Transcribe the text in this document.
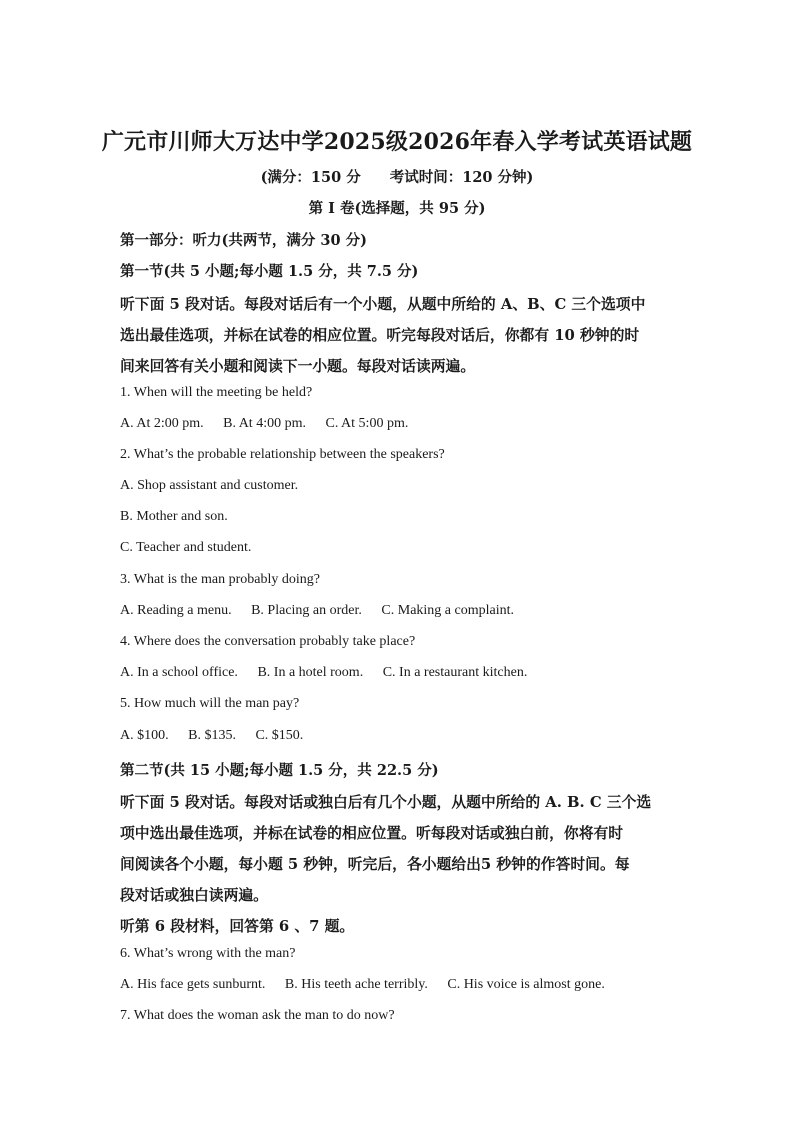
广元市川师大万达中学2025级2026年春入学考试英语试题
(满分：150 分　　考试时间：120 分钟)
第 I 卷(选择题，共 95 分)
第一部分：听力(共两节，满分 30 分)
第一节(共 5 小题;每小题 1.5 分，共 7.5 分)
听下面 5 段对话。每段对话后有一个小题，从题中所给的 A、B、C 三个选项中
选出最佳选项，并标在试卷的相应位置。听完每段对话后，你都有 10 秒钟的时
间来回答有关小题和阅读下一小题。每段对话读两遍。
1. When will the meeting be held?
A. At 2:00 pm. B. At 4:00 pm. C. At 5:00 pm.
2. What’s the probable relationship between the speakers?
A. Shop assistant and customer.
B. Mother and son.
C. Teacher and student.
3. What is the man probably doing?
A. Reading a menu. B. Placing an order. C. Making a complaint.
4. Where does the conversation probably take place?
A. In a school office. B. In a hotel room. C. In a restaurant kitchen.
5. How much will the man pay?
A. $100. B. $135. C. $150.
第二节(共 15 小题;每小题 1.5 分，共 22.5 分)
听下面 5 段对话。每段对话或独白后有几个小题，从题中所给的 A. B. C 三个选
项中选出最佳选项，并标在试卷的相应位置。听每段对话或独白前，你将有时
间阅读各个小题，每小题 5 秒钟，听完后，各小题给出5 秒钟的作答时间。每
段对话或独白读两遍。
听第 6 段材料，回答第 6 、7 题。
6. What’s wrong with the man?
A. His face gets sunburnt. B. His teeth ache terribly. C. His voice is almost gone.
7. What does the woman ask the man to do now?
